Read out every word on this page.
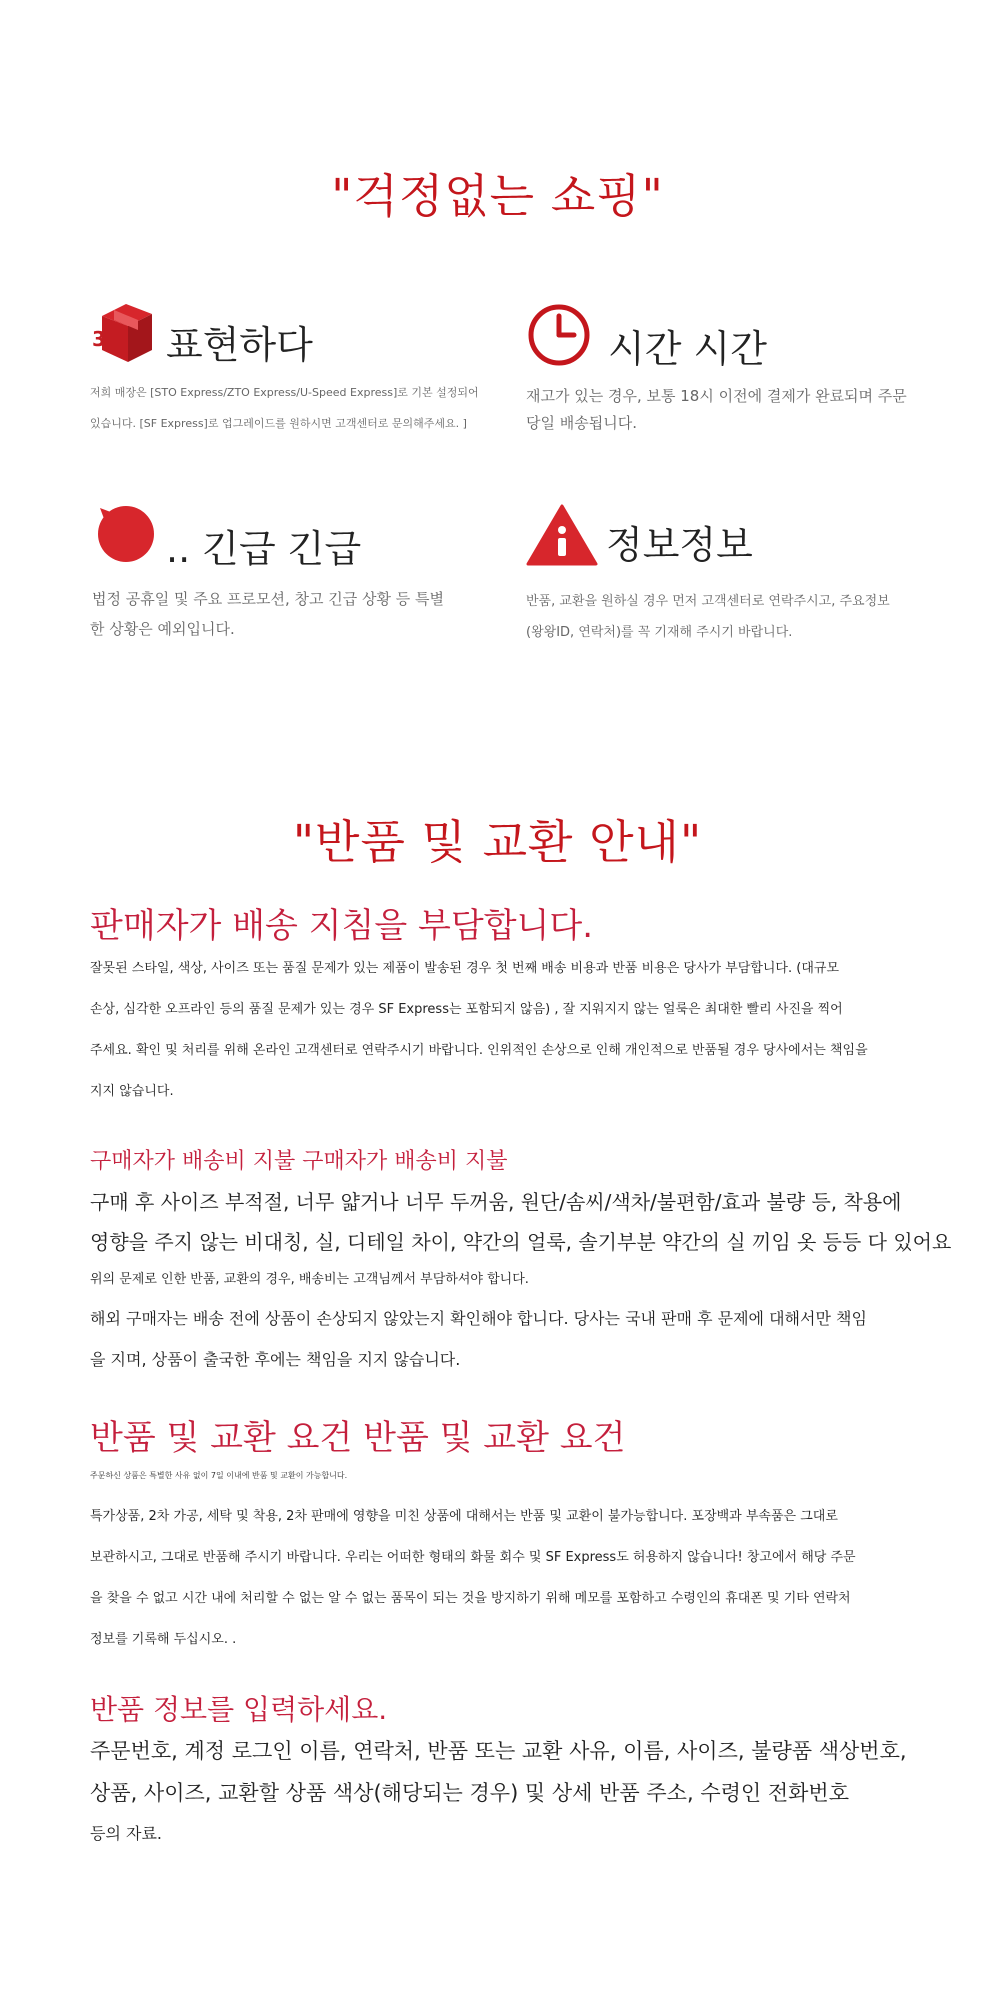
"걱정없는 쇼핑"
3 표현하다
저희 매장은 [STO Express/ZTO Express/U-Speed Express]로 기본 설정되어
있습니다. [SF Express]로 업그레이드를 원하시면 고객센터로 문의해주세요. ]
시간 시간
재고가 있는 경우, 보통 18시 이전에 결제가 완료되며 주문
당일 배송됩니다.
.. 긴급 긴급
법정 공휴일 및 주요 프로모션, 창고 긴급 상황 등 특별
한 상황은 예외입니다.
정보정보
반품, 교환을 원하실 경우 먼저 고객센터로 연락주시고, 주요정보
(왕왕ID, 연락처)를 꼭 기재해 주시기 바랍니다.
"반품 및 교환 안내"
판매자가 배송 지침을 부담합니다.
잘못된 스타일, 색상, 사이즈 또는 품질 문제가 있는 제품이 발송된 경우 첫 번째 배송 비용과 반품 비용은 당사가 부담합니다. (대규모
손상, 심각한 오프라인 등의 품질 문제가 있는 경우 SF Express는 포함되지 않음) , 잘 지워지지 않는 얼룩은 최대한 빨리 사진을 찍어
주세요. 확인 및 처리를 위해 온라인 고객센터로 연락주시기 바랍니다. 인위적인 손상으로 인해 개인적으로 반품될 경우 당사에서는 책임을
지지 않습니다.
구매자가 배송비 지불 구매자가 배송비 지불
구매 후 사이즈 부적절, 너무 얇거나 너무 두꺼움, 원단/솜씨/색차/불편함/효과 불량 등, 착용에
영향을 주지 않는 비대칭, 실, 디테일 차이, 약간의 얼룩, 솔기부분 약간의 실 끼임 옷 등등 다 있어요
위의 문제로 인한 반품, 교환의 경우, 배송비는 고객님께서 부담하셔야 합니다.
해외 구매자는 배송 전에 상품이 손상되지 않았는지 확인해야 합니다. 당사는 국내 판매 후 문제에 대해서만 책임
을 지며, 상품이 출국한 후에는 책임을 지지 않습니다.
반품 및 교환 요건 반품 및 교환 요건
주문하신 상품은 특별한 사유 없이 7일 이내에 반품 및 교환이 가능합니다.
특가상품, 2차 가공, 세탁 및 착용, 2차 판매에 영향을 미친 상품에 대해서는 반품 및 교환이 불가능합니다. 포장백과 부속품은 그대로
보관하시고, 그대로 반품해 주시기 바랍니다. 우리는 어떠한 형태의 화물 회수 및 SF Express도 허용하지 않습니다! 창고에서 해당 주문
을 찾을 수 없고 시간 내에 처리할 수 없는 알 수 없는 품목이 되는 것을 방지하기 위해 메모를 포함하고 수령인의 휴대폰 및 기타 연락처
정보를 기록해 두십시오. .
반품 정보를 입력하세요.
주문번호, 계정 로그인 이름, 연락처, 반품 또는 교환 사유, 이름, 사이즈, 불량품 색상번호,
상품, 사이즈, 교환할 상품 색상(해당되는 경우) 및 상세 반품 주소, 수령인 전화번호
등의 자료.
